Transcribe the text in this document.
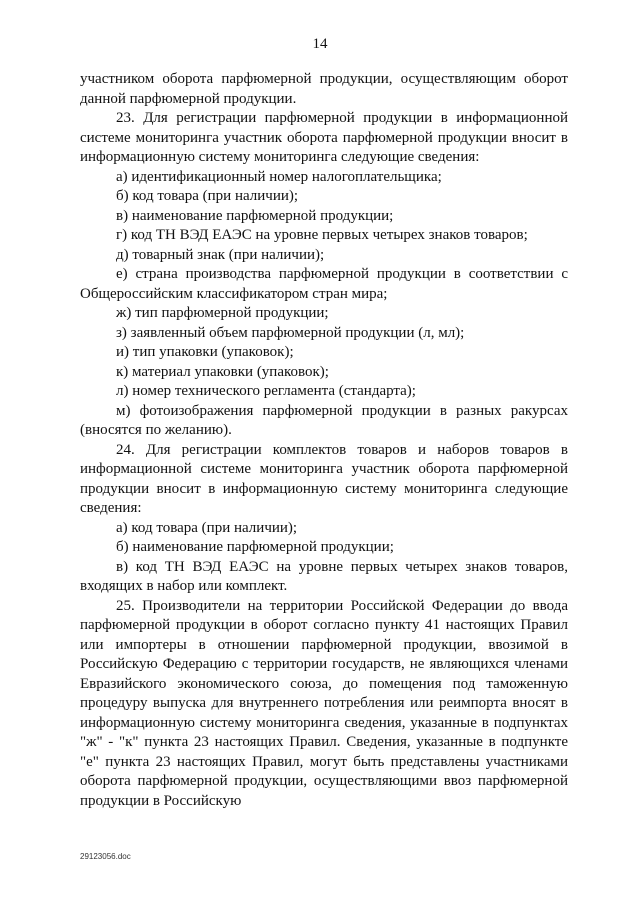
14

участником оборота парфюмерной продукции, осуществляющим оборот данной парфюмерной продукции.

23. Для регистрации парфюмерной продукции в информационной системе мониторинга участник оборота парфюмерной продукции вносит в информационную систему мониторинга следующие сведения:

а) идентификационный номер налогоплательщика;

б) код товара (при наличии);

в) наименование парфюмерной продукции;

г) код ТН ВЭД ЕАЭС на уровне первых четырех знаков товаров;

д) товарный знак (при наличии);

е) страна производства парфюмерной продукции в соответствии с Общероссийским классификатором стран мира;

ж) тип парфюмерной продукции;

з) заявленный объем парфюмерной продукции (л, мл);

и) тип упаковки (упаковок);

к) материал упаковки (упаковок);

л) номер технического регламента (стандарта);

м) фотоизображения парфюмерной продукции в разных ракурсах (вносятся по желанию).

24. Для регистрации комплектов товаров и наборов товаров в информационной системе мониторинга участник оборота парфюмерной продукции вносит в информационную систему мониторинга следующие сведения:

а) код товара (при наличии);

б) наименование парфюмерной продукции;

в) код ТН ВЭД ЕАЭС на уровне первых четырех знаков товаров, входящих в набор или комплект.

25. Производители на территории Российской Федерации до ввода парфюмерной продукции в оборот согласно пункту 41 настоящих Правил или импортеры в отношении парфюмерной продукции, ввозимой в Российскую Федерацию с территории государств, не являющихся членами Евразийского экономического союза, до помещения под таможенную процедуру выпуска для внутреннего потребления или реимпорта вносят в информационную систему мониторинга сведения, указанные в подпунктах "ж" - "к" пункта 23 настоящих Правил. Сведения, указанные в подпункте "е" пункта 23 настоящих Правил, могут быть представлены участниками оборота парфюмерной продукции, осуществляющими ввоз парфюмерной продукции в Российскую

29123056.doc
